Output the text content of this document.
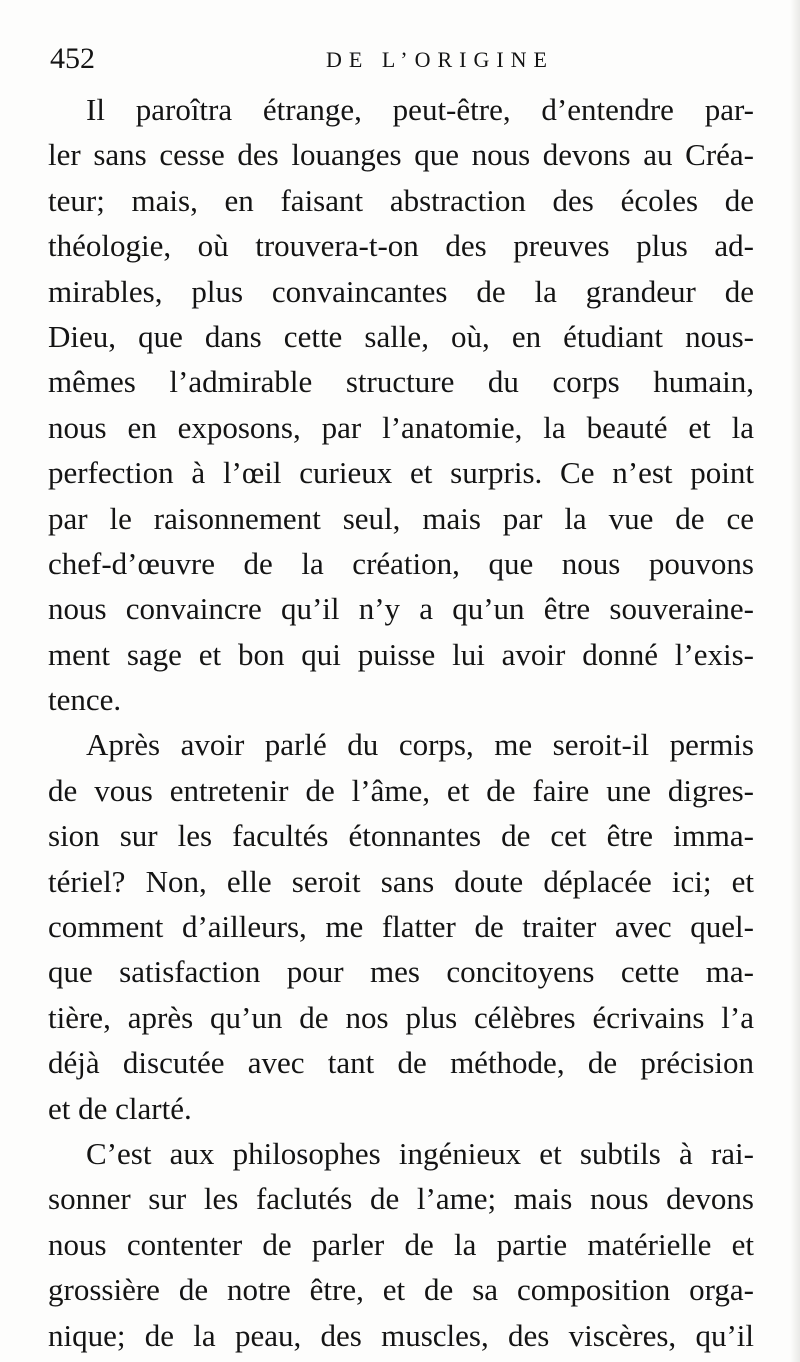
452	DE L’ORIGINE
Il paroîtra étrange, peut-être, d’entendre par-
ler sans cesse des louanges que nous devons au Créa-
teur; mais, en faisant abstraction des écoles de
théologie, où trouvera-t-on des preuves plus ad-
mirables, plus convaincantes de la grandeur de
Dieu, que dans cette salle, où, en étudiant nous-
mêmes l’admirable structure du corps humain,
nous en exposons, par l’anatomie, la beauté et la
perfection à l’œil curieux et surpris. Ce n’est point
par le raisonnement seul, mais par la vue de ce
chef-d’œuvre de la création, que nous pouvons
nous convaincre qu’il n’y a qu’un être souveraine-
ment sage et bon qui puisse lui avoir donné l’exis-
tence.
Après avoir parlé du corps, me seroit-il permis
de vous entretenir de l’âme, et de faire une digres-
sion sur les facultés étonnantes de cet être imma-
tériel? Non, elle seroit sans doute déplacée ici; et
comment d’ailleurs, me flatter de traiter avec quel-
que satisfaction pour mes concitoyens cette ma-
tière, après qu’un de nos plus célèbres écrivains l’a
déjà discutée avec tant de méthode, de précision
et de clarté.
C’est aux philosophes ingénieux et subtils à rai-
sonner sur les faclutés de l’ame; mais nous devons
nous contenter de parler de la partie matérielle et
grossière de notre être, et de sa composition orga-
nique; de la peau, des muscles, des viscères, qu’il
